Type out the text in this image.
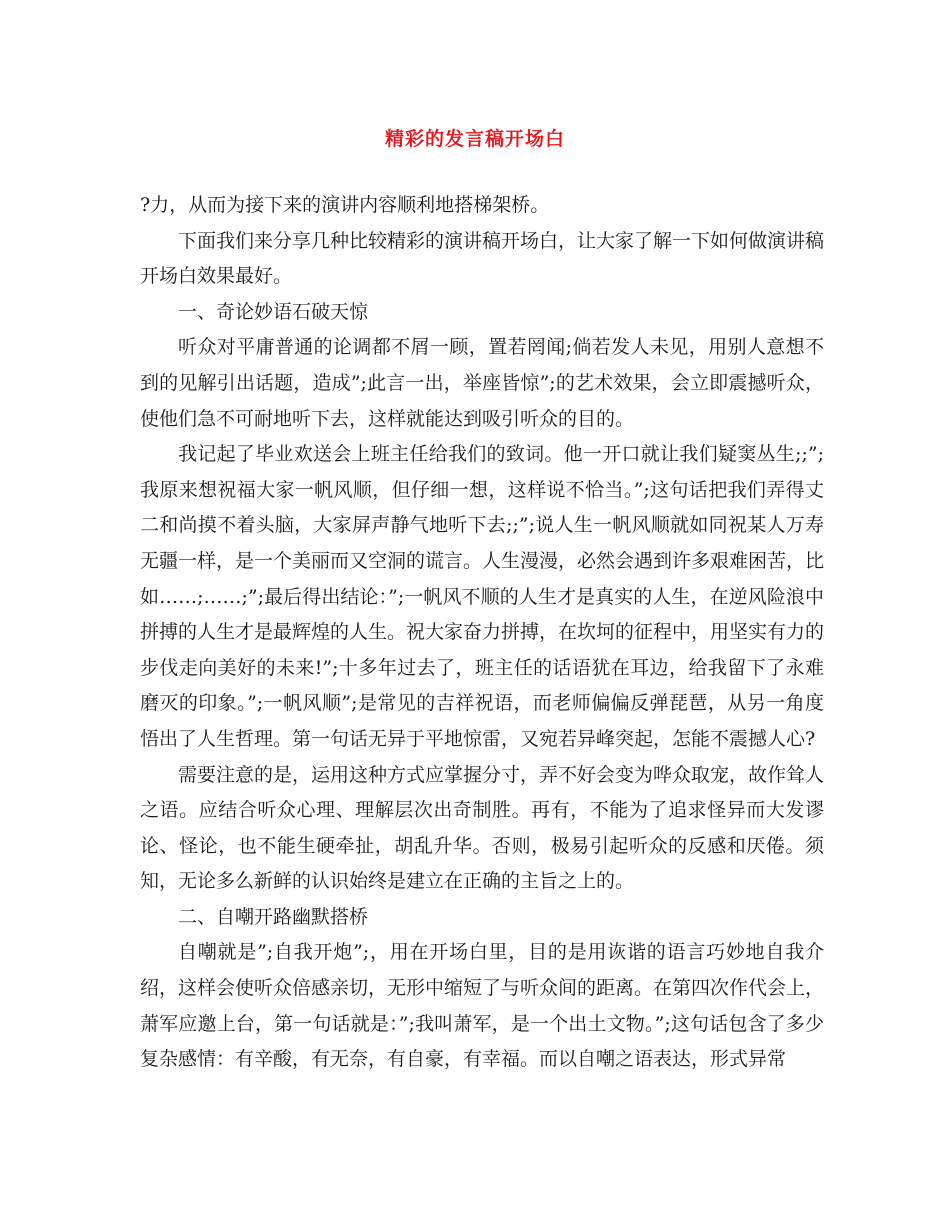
精彩的发言稿开场白

?力，从而为接下来的演讲内容顺利地搭梯架桥。

下面我们来分享几种比较精彩的演讲稿开场白，让大家了解一下如何做演讲稿开场白效果最好。

一、奇论妙语石破天惊

听众对平庸普通的论调都不屑一顾，置若罔闻;倘若发人未见，用别人意想不到的见解引出话题，造成”;此言一出，举座皆惊”;的艺术效果，会立即震撼听众，使他们急不可耐地听下去，这样就能达到吸引听众的目的。

我记起了毕业欢送会上班主任给我们的致词。他一开口就让我们疑窦丛生;;”;我原来想祝福大家一帆风顺，但仔细一想，这样说不恰当。”;这句话把我们弄得丈二和尚摸不着头脑，大家屏声静气地听下去;;”;说人生一帆风顺就如同祝某人万寿无疆一样，是一个美丽而又空洞的谎言。人生漫漫，必然会遇到许多艰难困苦，比如……;……;”;最后得出结论：”;一帆风不顺的人生才是真实的人生，在逆风险浪中拼搏的人生才是最辉煌的人生。祝大家奋力拼搏，在坎坷的征程中，用坚实有力的步伐走向美好的未来!”;十多年过去了，班主任的话语犹在耳边，给我留下了永难磨灭的印象。”;一帆风顺”;是常见的吉祥祝语，而老师偏偏反弹琵琶，从另一角度悟出了人生哲理。第一句话无异于平地惊雷，又宛若异峰突起，怎能不震撼人心?

需要注意的是，运用这种方式应掌握分寸，弄不好会变为哗众取宠，故作耸人之语。应结合听众心理、理解层次出奇制胜。再有，不能为了追求怪异而大发谬论、怪论，也不能生硬牵扯，胡乱升华。否则，极易引起听众的反感和厌倦。须知，无论多么新鲜的认识始终是建立在正确的主旨之上的。

二、自嘲开路幽默搭桥

自嘲就是”;自我开炮”;，用在开场白里，目的是用诙谐的语言巧妙地自我介绍，这样会使听众倍感亲切，无形中缩短了与听众间的距离。在第四次作代会上，萧军应邀上台，第一句话就是：”;我叫萧军，是一个出土文物。”;这句话包含了多少复杂感情：有辛酸，有无奈，有自豪，有幸福。而以自嘲之语表达，形式异常
